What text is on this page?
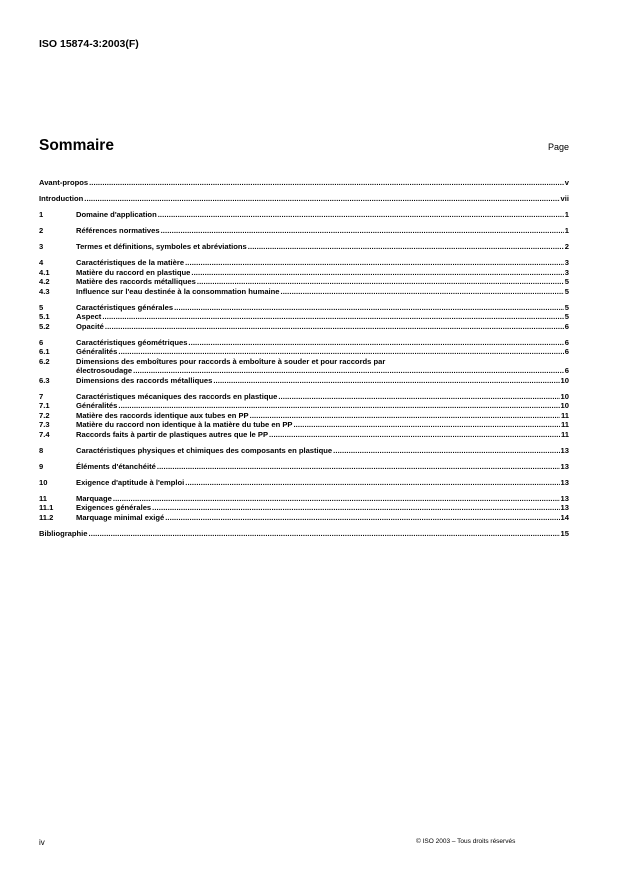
ISO 15874-3:2003(F)
Sommaire	Page
Avant-propos .....	v
Introduction .....	vii
1	Domaine d'application .....	1
2	Références normatives .....	1
3	Termes et définitions, symboles et abréviations .....	2
4	Caractéristiques de la matière .....	3
4.1	Matière du raccord en plastique .....	3
4.2	Matière des raccords métalliques .....	5
4.3	Influence sur l'eau destinée à la consommation humaine .....	5
5	Caractéristiques générales .....	5
5.1	Aspect .....	5
5.2	Opacité .....	6
6	Caractéristiques géométriques .....	6
6.1	Généralités .....	6
6.2	Dimensions des emboîtures pour raccords à emboîture à souder et pour raccords par
électrosoudage .....	6
6.3	Dimensions des raccords métalliques .....	10
7	Caractéristiques mécaniques des raccords en plastique .....	10
7.1	Généralités .....	10
7.2	Matière des raccords identique aux tubes en PP .....	11
7.3	Matière du raccord non identique à la matière du tube en PP .....	11
7.4	Raccords faits à partir de plastiques autres que le PP .....	11
8	Caractéristiques physiques et chimiques des composants en plastique .....	13
9	Éléments d'étanchéité .....	13
10	Exigence d'aptitude à l'emploi .....	13
11	Marquage .....	13
11.1	Exigences générales .....	13
11.2	Marquage minimal exigé .....	14
Bibliographie .....	15
iv	© ISO 2003 – Tous droits réservés
